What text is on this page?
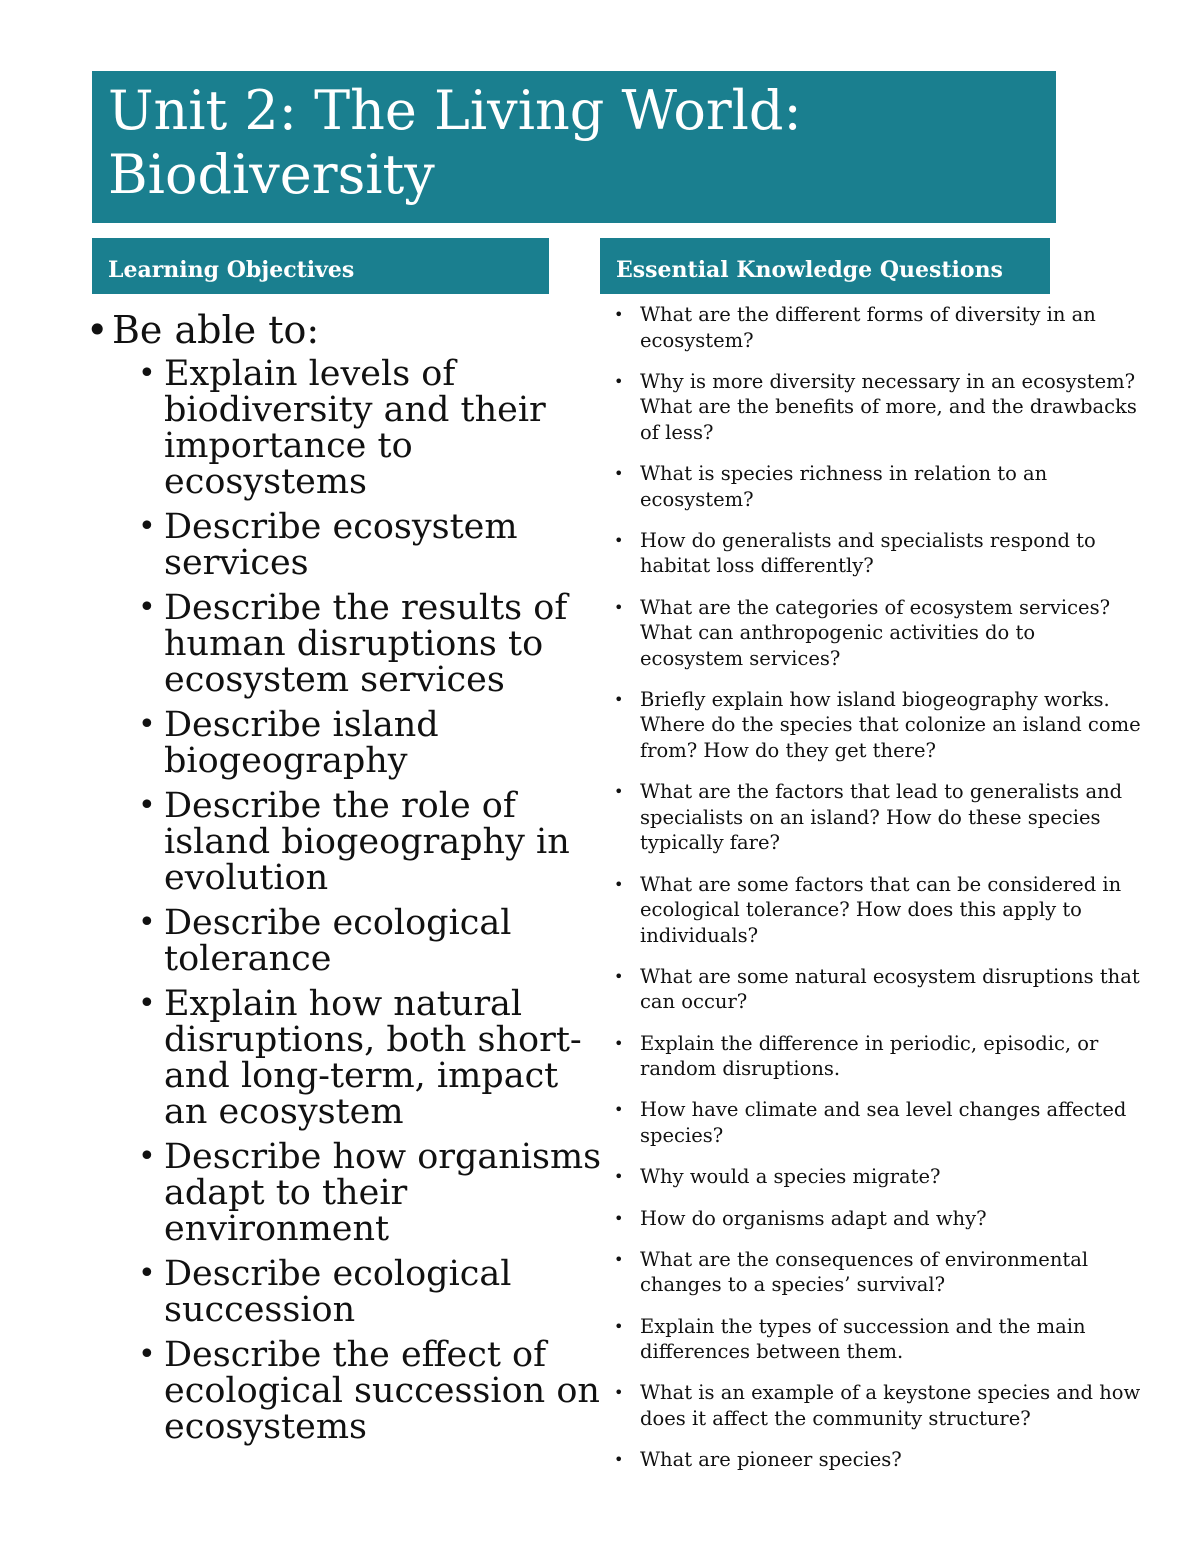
Unit 2: The Living World:
Biodiversity
Learning Objectives	Essential Knowledge Questions
• Be able to:
• Explain levels of biodiversity and their importance to ecosystems
• Describe ecosystem services
• Describe the results of human disruptions to ecosystem services
• Describe island biogeography
• Describe the role of island biogeography in evolution
• Describe ecological tolerance
• Explain how natural disruptions, both short- and long-term, impact an ecosystem
• Describe how organisms adapt to their environment
• Describe ecological succession
• Describe the effect of ecological succession on ecosystems
• What are the different forms of diversity in an ecosystem?
• Why is more diversity necessary in an ecosystem? What are the benefits of more, and the drawbacks of less?
• What is species richness in relation to an ecosystem?
• How do generalists and specialists respond to habitat loss differently?
• What are the categories of ecosystem services? What can anthropogenic activities do to ecosystem services?
• Briefly explain how island biogeography works. Where do the species that colonize an island come from? How do they get there?
• What are the factors that lead to generalists and specialists on an island? How do these species typically fare?
• What are some factors that can be considered in ecological tolerance? How does this apply to individuals?
• What are some natural ecosystem disruptions that can occur?
• Explain the difference in periodic, episodic, or random disruptions.
• How have climate and sea level changes affected species?
• Why would a species migrate?
• How do organisms adapt and why?
• What are the consequences of environmental changes to a species’ survival?
• Explain the types of succession and the main differences between them.
• What is an example of a keystone species and how does it affect the community structure?
• What are pioneer species?
